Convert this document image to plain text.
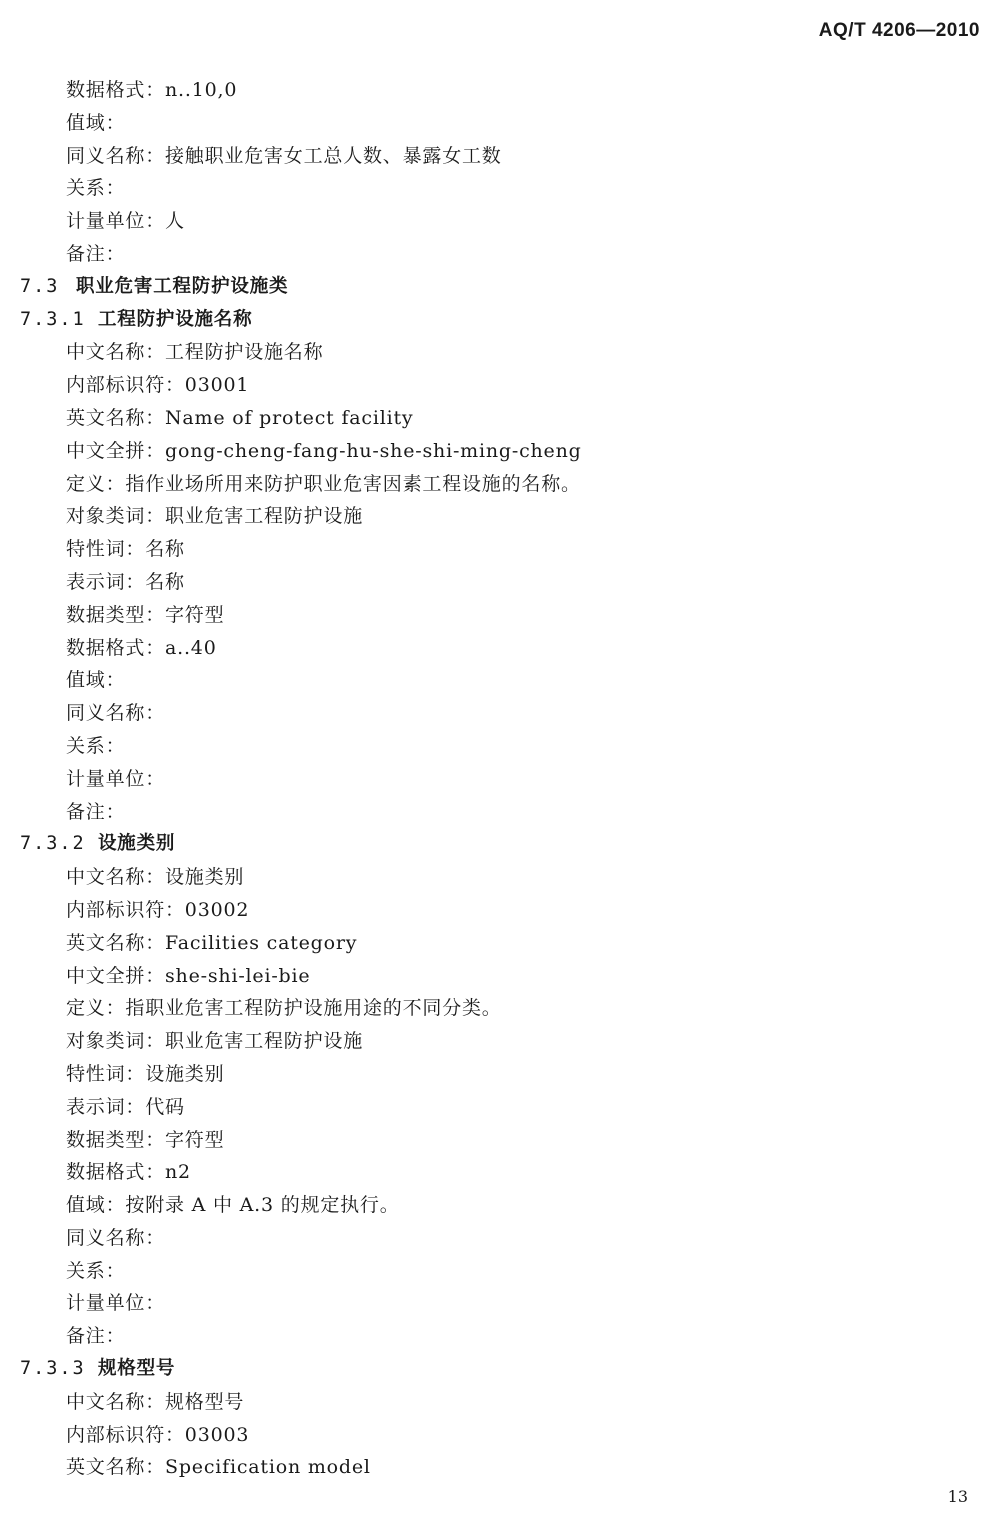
AQ/T 4206—2010
数据格式：n..10,0
值域：
同义名称：接触职业危害女工总人数、暴露女工数
关系：
计量单位：人
备注：
7.3 职业危害工程防护设施类
7.3.1 工程防护设施名称
中文名称：工程防护设施名称
内部标识符：03001
英文名称：Name of protect facility
中文全拼：gong-cheng-fang-hu-she-shi-ming-cheng
定义：指作业场所用来防护职业危害因素工程设施的名称。
对象类词：职业危害工程防护设施
特性词：名称
表示词：名称
数据类型：字符型
数据格式：a..40
值域：
同义名称：
关系：
计量单位：
备注：
7.3.2 设施类别
中文名称：设施类别
内部标识符：03002
英文名称：Facilities category
中文全拼：she-shi-lei-bie
定义：指职业危害工程防护设施用途的不同分类。
对象类词：职业危害工程防护设施
特性词：设施类别
表示词：代码
数据类型：字符型
数据格式：n2
值域：按附录 A 中 A.3 的规定执行。
同义名称：
关系：
计量单位：
备注：
7.3.3 规格型号
中文名称：规格型号
内部标识符：03003
英文名称：Specification model
13
